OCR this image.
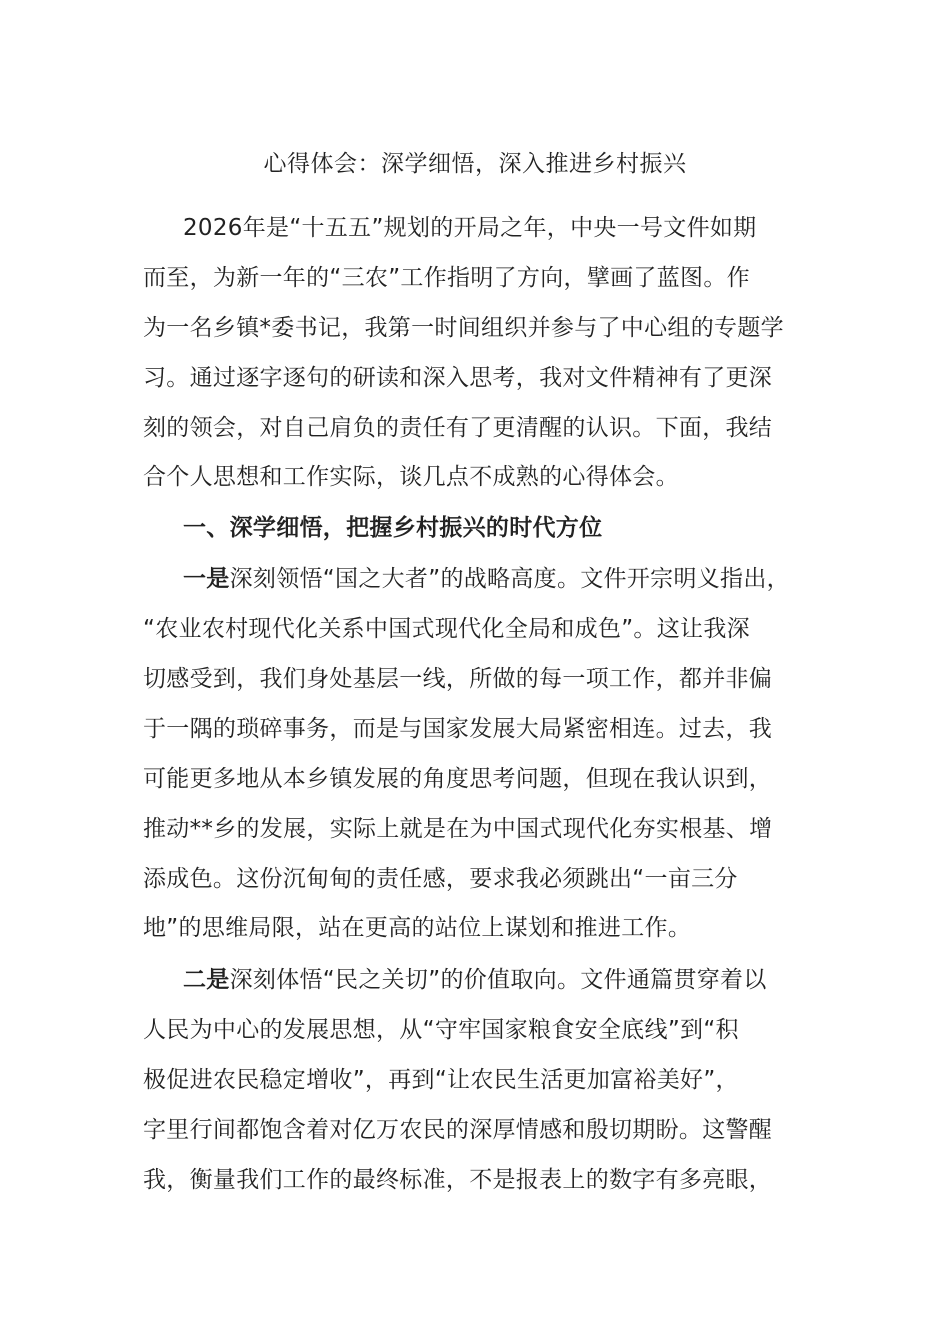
心得体会：深学细悟，深入推进乡村振兴
2026年是“十五五”规划的开局之年，中央一号文件如期
而至，为新一年的“三农”工作指明了方向，擘画了蓝图。作
为一名乡镇*委书记，我第一时间组织并参与了中心组的专题学
习。通过逐字逐句的研读和深入思考，我对文件精神有了更深
刻的领会，对自己肩负的责任有了更清醒的认识。下面，我结
合个人思想和工作实际，谈几点不成熟的心得体会。
一、深学细悟，把握乡村振兴的时代方位
一是深刻领悟“国之大者”的战略高度。文件开宗明义指出，
“农业农村现代化关系中国式现代化全局和成色”。这让我深
切感受到，我们身处基层一线，所做的每一项工作，都并非偏
于一隅的琐碎事务，而是与国家发展大局紧密相连。过去，我
可能更多地从本乡镇发展的角度思考问题，但现在我认识到，
推动**乡的发展，实际上就是在为中国式现代化夯实根基、增
添成色。这份沉甸甸的责任感，要求我必须跳出“一亩三分
地”的思维局限，站在更高的站位上谋划和推进工作。
二是深刻体悟“民之关切”的价值取向。文件通篇贯穿着以
人民为中心的发展思想，从“守牢国家粮食安全底线”到“积
极促进农民稳定增收”，再到“让农民生活更加富裕美好”，
字里行间都饱含着对亿万农民的深厚情感和殷切期盼。这警醒
我，衡量我们工作的最终标准，不是报表上的数字有多亮眼，
